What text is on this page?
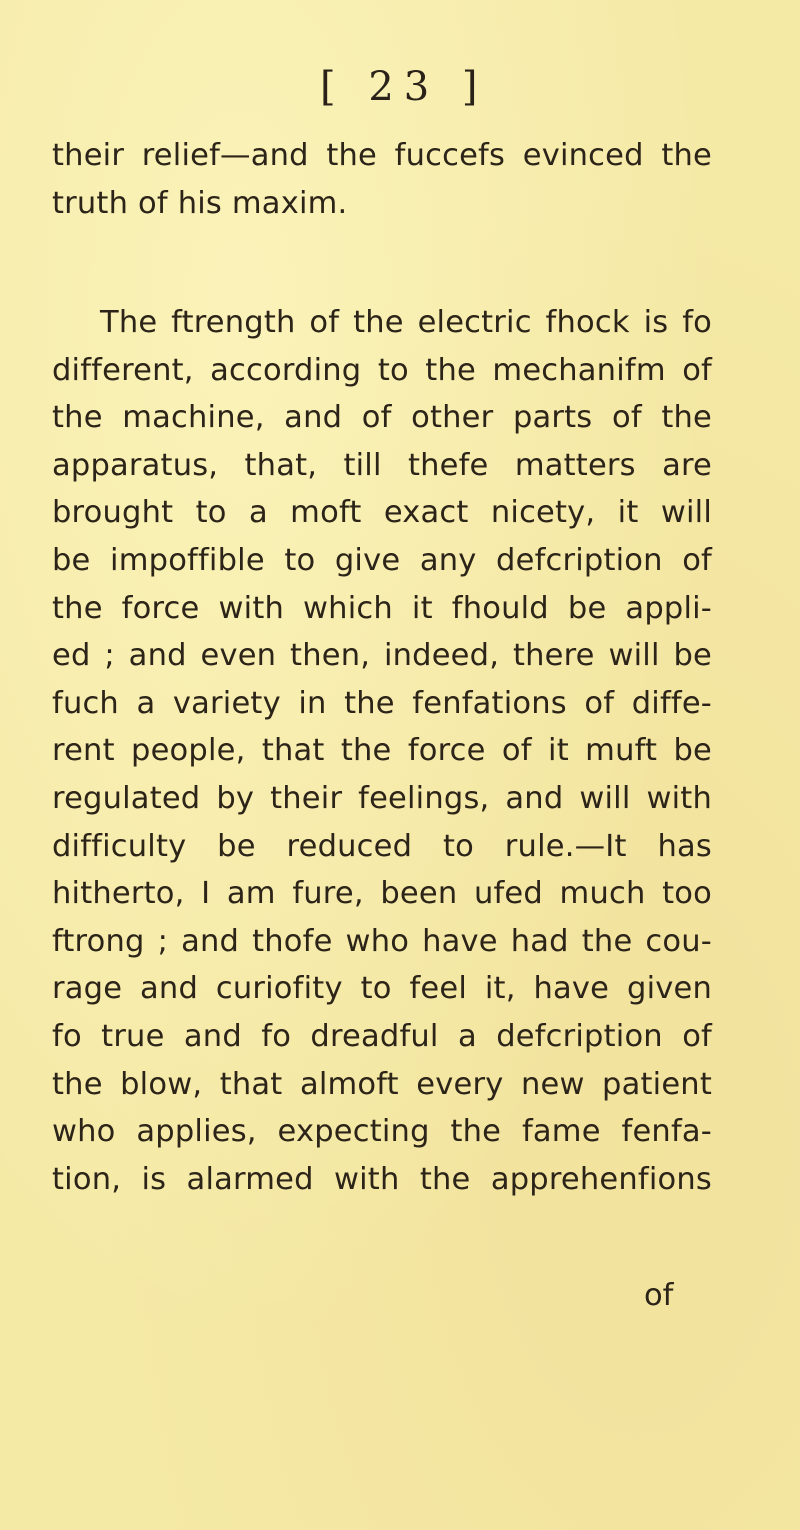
[ 23 ]
their relief—and the fuccefs evinced the
truth of his maxim.
The ftrength of the electric fhock is fo
different, according to the mechanifm of
the machine, and of other parts of the
apparatus, that, till thefe matters are
brought to a moft exact nicety, it will
be impoffible to give any defcription of
the force with which it fhould be appli-
ed ; and even then, indeed, there will be
fuch a variety in the fenfations of diffe-
rent people, that the force of it muft be
regulated by their feelings, and will with
difficulty be reduced to rule.—It has
hitherto, I am fure, been ufed much too
ftrong ; and thofe who have had the cou-
rage and curiofity to feel it, have given
fo true and fo dreadful a defcription of
the blow, that almoft every new patient
who applies, expecting the fame fenfa-
tion, is alarmed with the apprehenfions
of
